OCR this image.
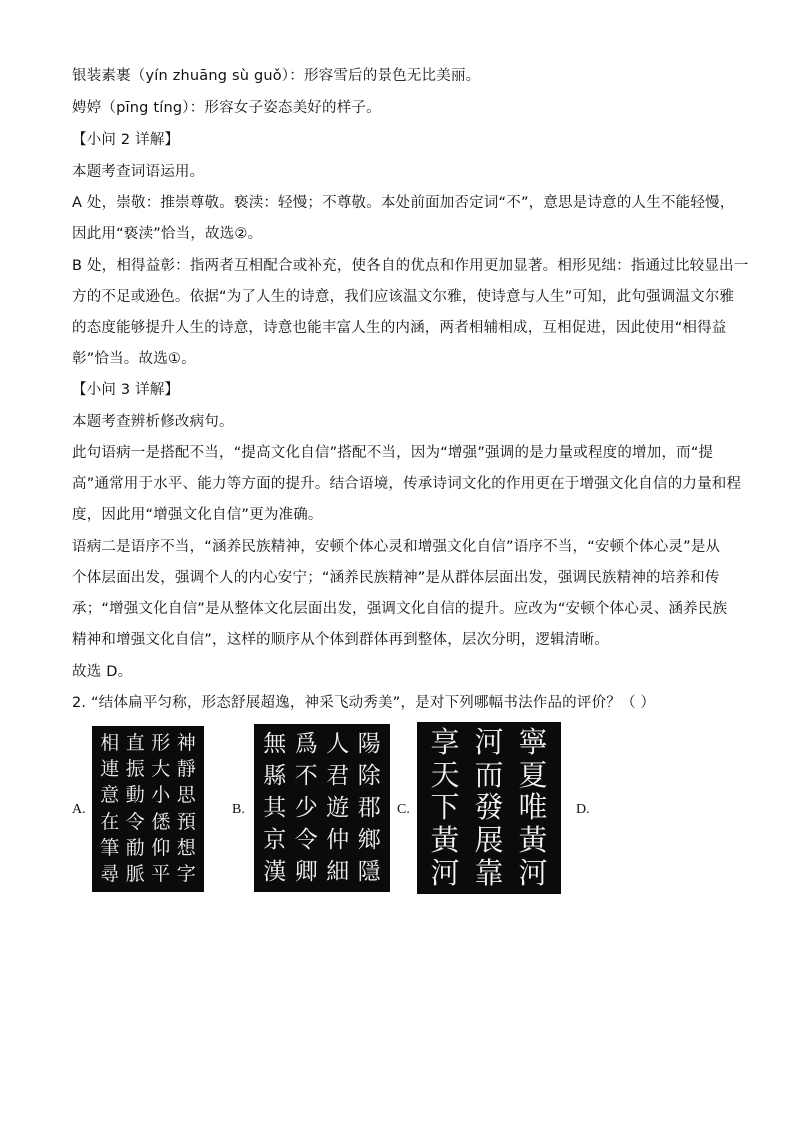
银装素裹（yín zhuāng sù guǒ）：形容雪后的景色无比美丽。
娉婷（pīng tíng）：形容女子姿态美好的样子。
【小问 2 详解】
本题考查词语运用。
A 处，崇敬：推崇尊敬。亵渎：轻慢；不尊敬。本处前面加否定词“不”，意思是诗意的人生不能轻慢，
因此用“亵渎”恰当，故选②。
B 处，相得益彰：指两者互相配合或补充，使各自的优点和作用更加显著。相形见绌：指通过比较显出一
方的不足或逊色。依据“为了人生的诗意，我们应该温文尔雅，使诗意与人生”可知，此句强调温文尔雅
的态度能够提升人生的诗意，诗意也能丰富人生的内涵，两者相辅相成，互相促进，因此使用“相得益
彰”恰当。故选①。
【小问 3 详解】
本题考查辨析修改病句。
此句语病一是搭配不当，“提高文化自信”搭配不当，因为“增强”强调的是力量或程度的增加，而“提
高”通常用于水平、能力等方面的提升。结合语境，传承诗词文化的作用更在于增强文化自信的力量和程
度，因此用“增强文化自信”更为准确。
语病二是语序不当，“涵养民族精神，安顿个体心灵和增强文化自信”语序不当，“安顿个体心灵”是从
个体层面出发，强调个人的内心安宁；“涵养民族精神”是从群体层面出发，强调民族精神的培养和传
承；“增强文化自信”是从整体文化层面出发，强调文化自信的提升。应改为“安顿个体心灵、涵养民族
精神和增强文化自信”，这样的顺序从个体到群体再到整体，层次分明，逻辑清晰。
故选 D。
2. “结体扁平匀称，形态舒展超逸，神采飞动秀美”，是对下列哪幅书法作品的评价？（ ）
A.
相 直 形 神
連 振 大 靜
意 動 小 思
在 令 僁 預
筆 勈 仰 想
尋 脈 平 字
B.
無 爲 人 陽
縣 不 君 除
其 少 遊 郡
京 令 仲 鄉
漢 卿 細 隱
C.
享 河 寧
天 而 夏
下 發 唯
黃 展 黃
河 靠 河
D.
